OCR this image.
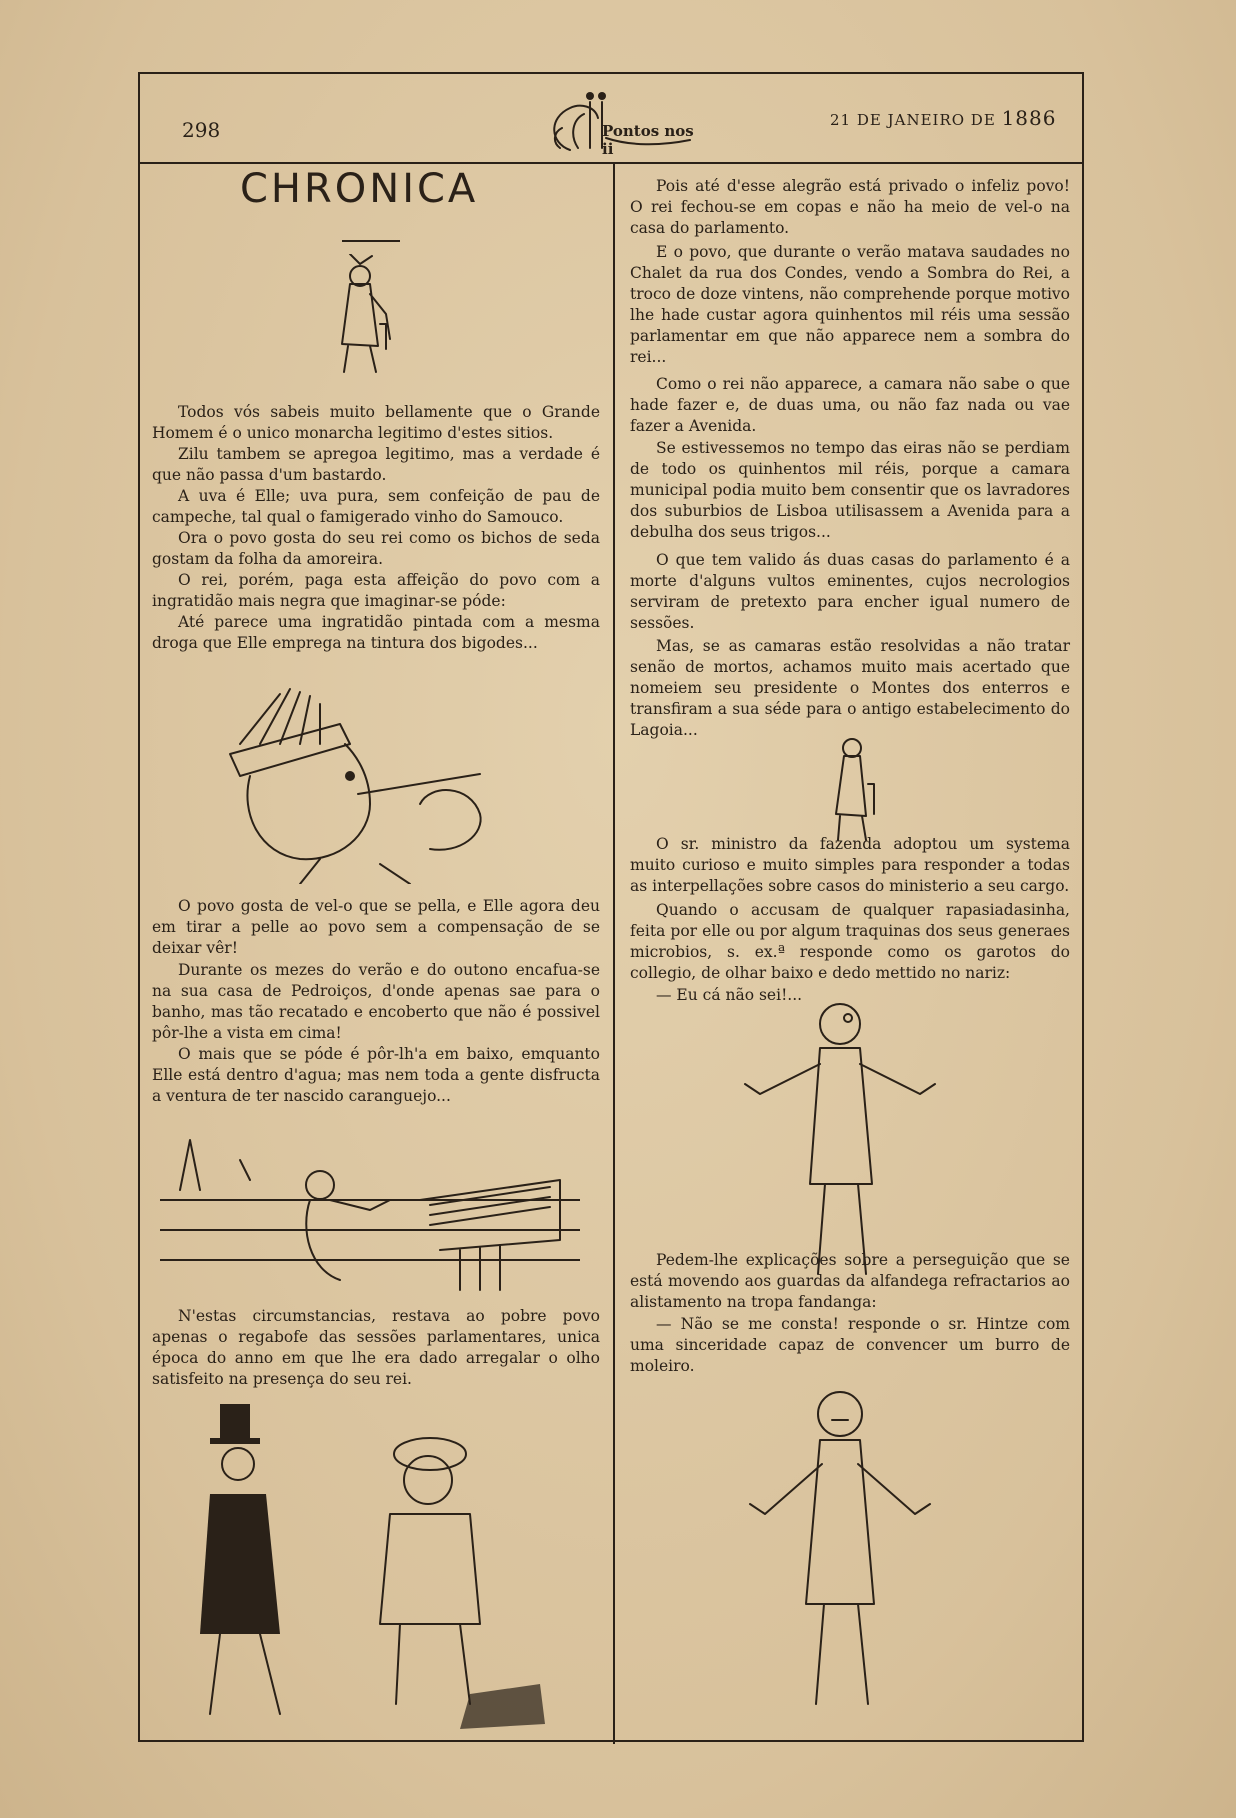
298	Pontos nos ii
21 DE JANEIRO DE 1886
CHRONICA

Todos vós sabeis muito bellamente que o Grande Homem é o unico monarcha legitimo d'estes sitios.

Zilu tambem se apregoa legitimo, mas a verdade é que não passa d'um bastardo.

A uva é Elle; uva pura, sem confeição de pau de campeche, tal qual o famigerado vinho do Samouco.

Ora o povo gosta do seu rei como os bichos de seda gostam da folha da amoreira.

O rei, porém, paga esta affeição do povo com a ingratidão mais negra que imaginar-se póde:

Até parece uma ingratidão pintada com a mesma droga que Elle emprega na tintura dos bigodes...

O povo gosta de vel-o que se pella, e Elle agora deu em tirar a pelle ao povo sem a compensação de se deixar vêr!

Durante os mezes do verão e do outono encafua-se na sua casa de Pedroiços, d'onde apenas sae para o banho, mas tão recatado e encoberto que não é possivel pôr-lhe a vista em cima!

O mais que se póde é pôr-lh'a em baixo, emquanto Elle está dentro d'agua; mas nem toda a gente disfructa a ventura de ter nascido caranguejo...

N'estas circumstancias, restava ao pobre povo apenas o regabofe das sessões parlamentares, unica época do anno em que lhe era dado arregalar o olho satisfeito na presença do seu rei.

Pois até d'esse alegrão está privado o infeliz povo! O rei fechou-se em copas e não ha meio de vel-o na casa do parlamento.

E o povo, que durante o verão matava saudades no Chalet da rua dos Condes, vendo a Sombra do Rei, a troco de doze vintens, não comprehende porque motivo lhe hade custar agora quinhentos mil réis uma sessão parlamentar em que não apparece nem a sombra do rei...

Como o rei não apparece, a camara não sabe o que hade fazer e, de duas uma, ou não faz nada ou vae fazer a Avenida.

Se estivessemos no tempo das eiras não se perdiam de todo os quinhentos mil réis, porque a camara municipal podia muito bem consentir que os lavradores dos suburbios de Lisboa utilisassem a Avenida para a debulha dos seus trigos...

O que tem valido ás duas casas do parlamento é a morte d'alguns vultos eminentes, cujos necrologios serviram de pretexto para encher igual numero de sessões.

Mas, se as camaras estão resolvidas a não tratar senão de mortos, achamos muito mais acertado que nomeiem seu presidente o Montes dos enterros e transfiram a sua séde para o antigo estabelecimento do Lagoia...

O sr. ministro da fazenda adoptou um systema muito curioso e muito simples para responder a todas as interpellações sobre casos do ministerio a seu cargo.

Quando o accusam de qualquer rapasiadasinha, feita por elle ou por algum traquinas dos seus generaes microbios, s. ex.ª responde como os garotos do collegio, de olhar baixo e dedo mettido no nariz:

— Eu cá não sei!...

Pedem-lhe explicações sobre a perseguição que se está movendo aos guardas da alfandega refractarios ao alistamento na tropa fandanga:

— Não se me consta! responde o sr. Hintze com uma sinceridade capaz de convencer um burro de moleiro.
